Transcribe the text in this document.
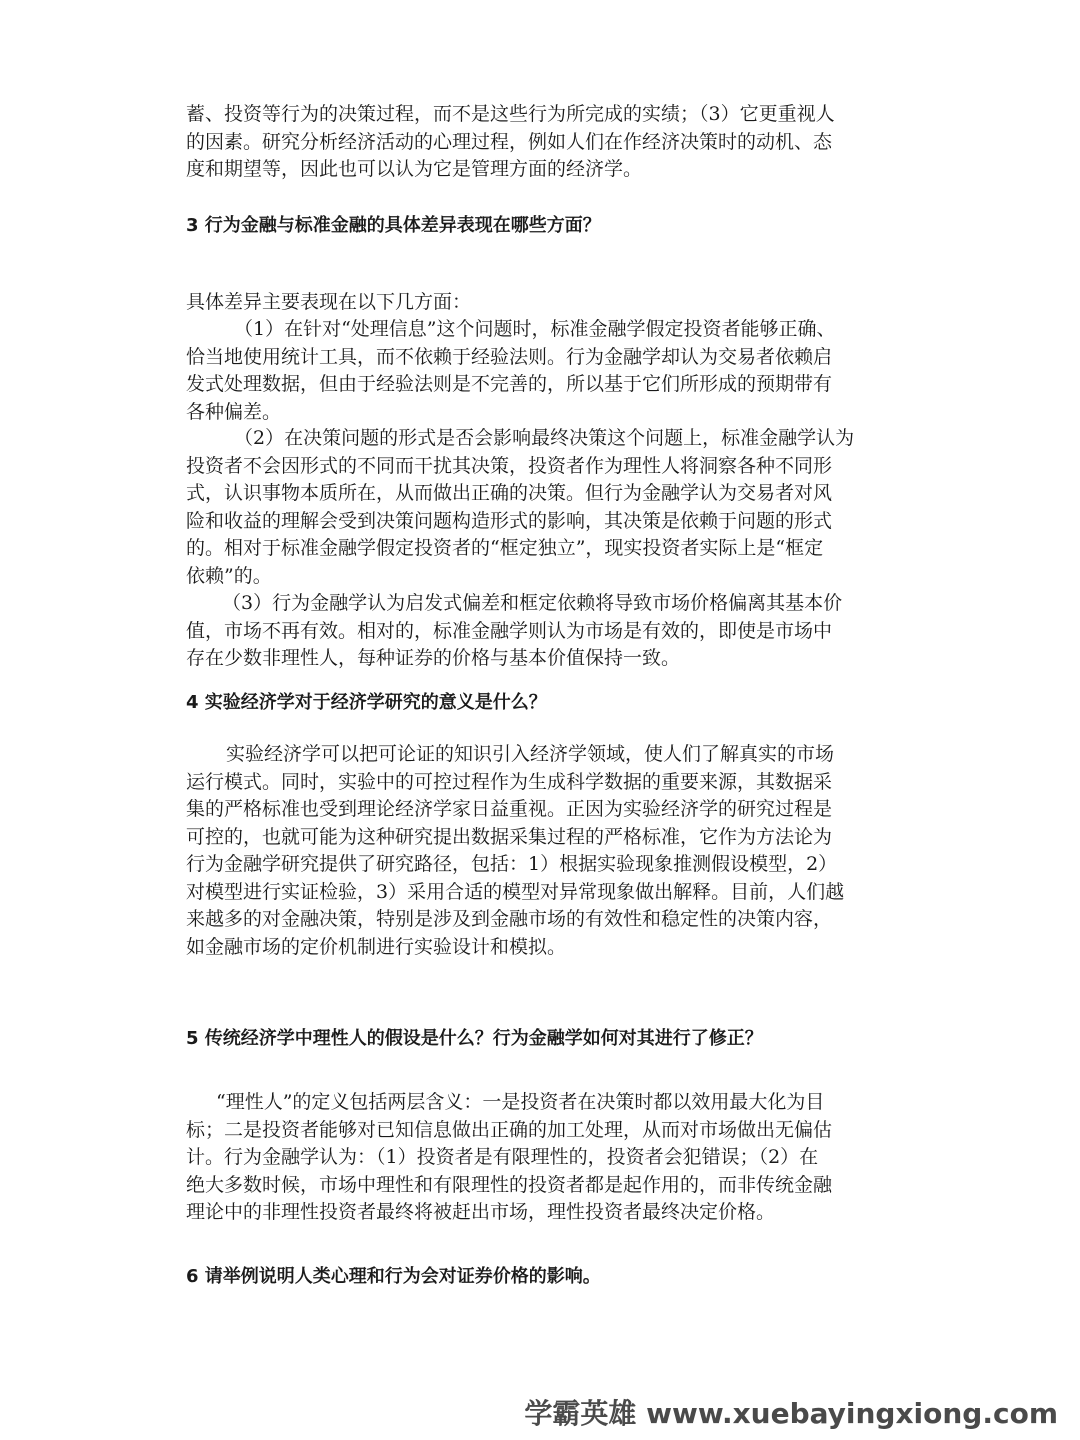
蓄、投资等行为的决策过程，而不是这些行为所完成的实绩；（3）它更重视人
的因素。研究分析经济活动的心理过程，例如人们在作经济决策时的动机、态
度和期望等，因此也可以认为它是管理方面的经济学。

3 行为金融与标准金融的具体差异表现在哪些方面？

具体差异主要表现在以下几方面：

（1）在针对“处理信息”这个问题时，标准金融学假定投资者能够正确、
恰当地使用统计工具，而不依赖于经验法则。行为金融学却认为交易者依赖启
发式处理数据，但由于经验法则是不完善的，所以基于它们所形成的预期带有
各种偏差。

（2）在决策问题的形式是否会影响最终决策这个问题上，标准金融学认为
投资者不会因形式的不同而干扰其决策，投资者作为理性人将洞察各种不同形
式，认识事物本质所在，从而做出正确的决策。但行为金融学认为交易者对风
险和收益的理解会受到决策问题构造形式的影响，其决策是依赖于问题的形式
的。相对于标准金融学假定投资者的“框定独立”，现实投资者实际上是“框定
依赖”的。

（3）行为金融学认为启发式偏差和框定依赖将导致市场价格偏离其基本价
值，市场不再有效。相对的，标准金融学则认为市场是有效的，即使是市场中
存在少数非理性人，每种证券的价格与基本价值保持一致。

4 实验经济学对于经济学研究的意义是什么？

实验经济学可以把可论证的知识引入经济学领域，使人们了解真实的市场
运行模式。同时，实验中的可控过程作为生成科学数据的重要来源，其数据采
集的严格标准也受到理论经济学家日益重视。正因为实验经济学的研究过程是
可控的，也就可能为这种研究提出数据采集过程的严格标准，它作为方法论为
行为金融学研究提供了研究路径，包括：1）根据实验现象推测假设模型，2）
对模型进行实证检验，3）采用合适的模型对异常现象做出解释。目前，人们越
来越多的对金融决策，特别是涉及到金融市场的有效性和稳定性的决策内容，
如金融市场的定价机制进行实验设计和模拟。

5 传统经济学中理性人的假设是什么？行为金融学如何对其进行了修正？

“理性人”的定义包括两层含义：一是投资者在决策时都以效用最大化为目
标；二是投资者能够对已知信息做出正确的加工处理，从而对市场做出无偏估
计。行为金融学认为：（1）投资者是有限理性的，投资者会犯错误；（2）在
绝大多数时候，市场中理性和有限理性的投资者都是起作用的，而非传统金融
理论中的非理性投资者最终将被赶出市场，理性投资者最终决定价格。

6 请举例说明人类心理和行为会对证券价格的影响。
学霸英雄 www.xuebayingxiong.com
